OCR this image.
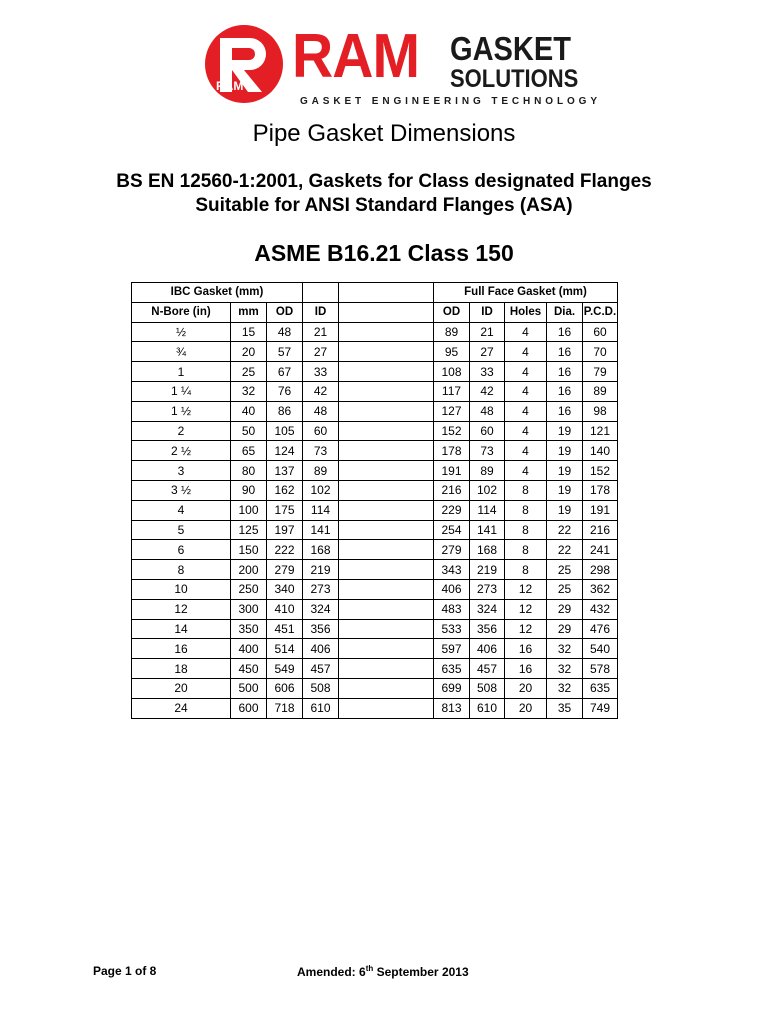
RAM RAM GASKET
SOLUTIONS
GASKET ENGINEERING TECHNOLOGY
Pipe Gasket Dimensions
BS EN 12560-1:2001, Gaskets for Class designated Flanges
Suitable for ANSI Standard Flanges (ASA)
ASME B16.21 Class 150
IBC Gasket (mm)					Full Face Gasket (mm)				
N-Bore (in)	mm	OD	ID		OD	ID	Holes	Dia.	P.C.D.
½	15	48	21		89	21	4	16	60
¾	20	57	27		95	27	4	16	70
1	25	67	33		108	33	4	16	79
1 ¼	32	76	42		117	42	4	16	89
1 ½	40	86	48		127	48	4	16	98
2	50	105	60		152	60	4	19	121
2 ½	65	124	73		178	73	4	19	140
3	80	137	89		191	89	4	19	152
3 ½	90	162	102		216	102	8	19	178
4	100	175	114		229	114	8	19	191
5	125	197	141		254	141	8	22	216
6	150	222	168		279	168	8	22	241
8	200	279	219		343	219	8	25	298
10	250	340	273		406	273	12	25	362
12	300	410	324		483	324	12	29	432
14	350	451	356		533	356	12	29	476
16	400	514	406		597	406	16	32	540
18	450	549	457		635	457	16	32	578
20	500	606	508		699	508	20	32	635
24	600	718	610		813	610	20	35	749
Page 1 of 8	Amended: 6th September 2013
